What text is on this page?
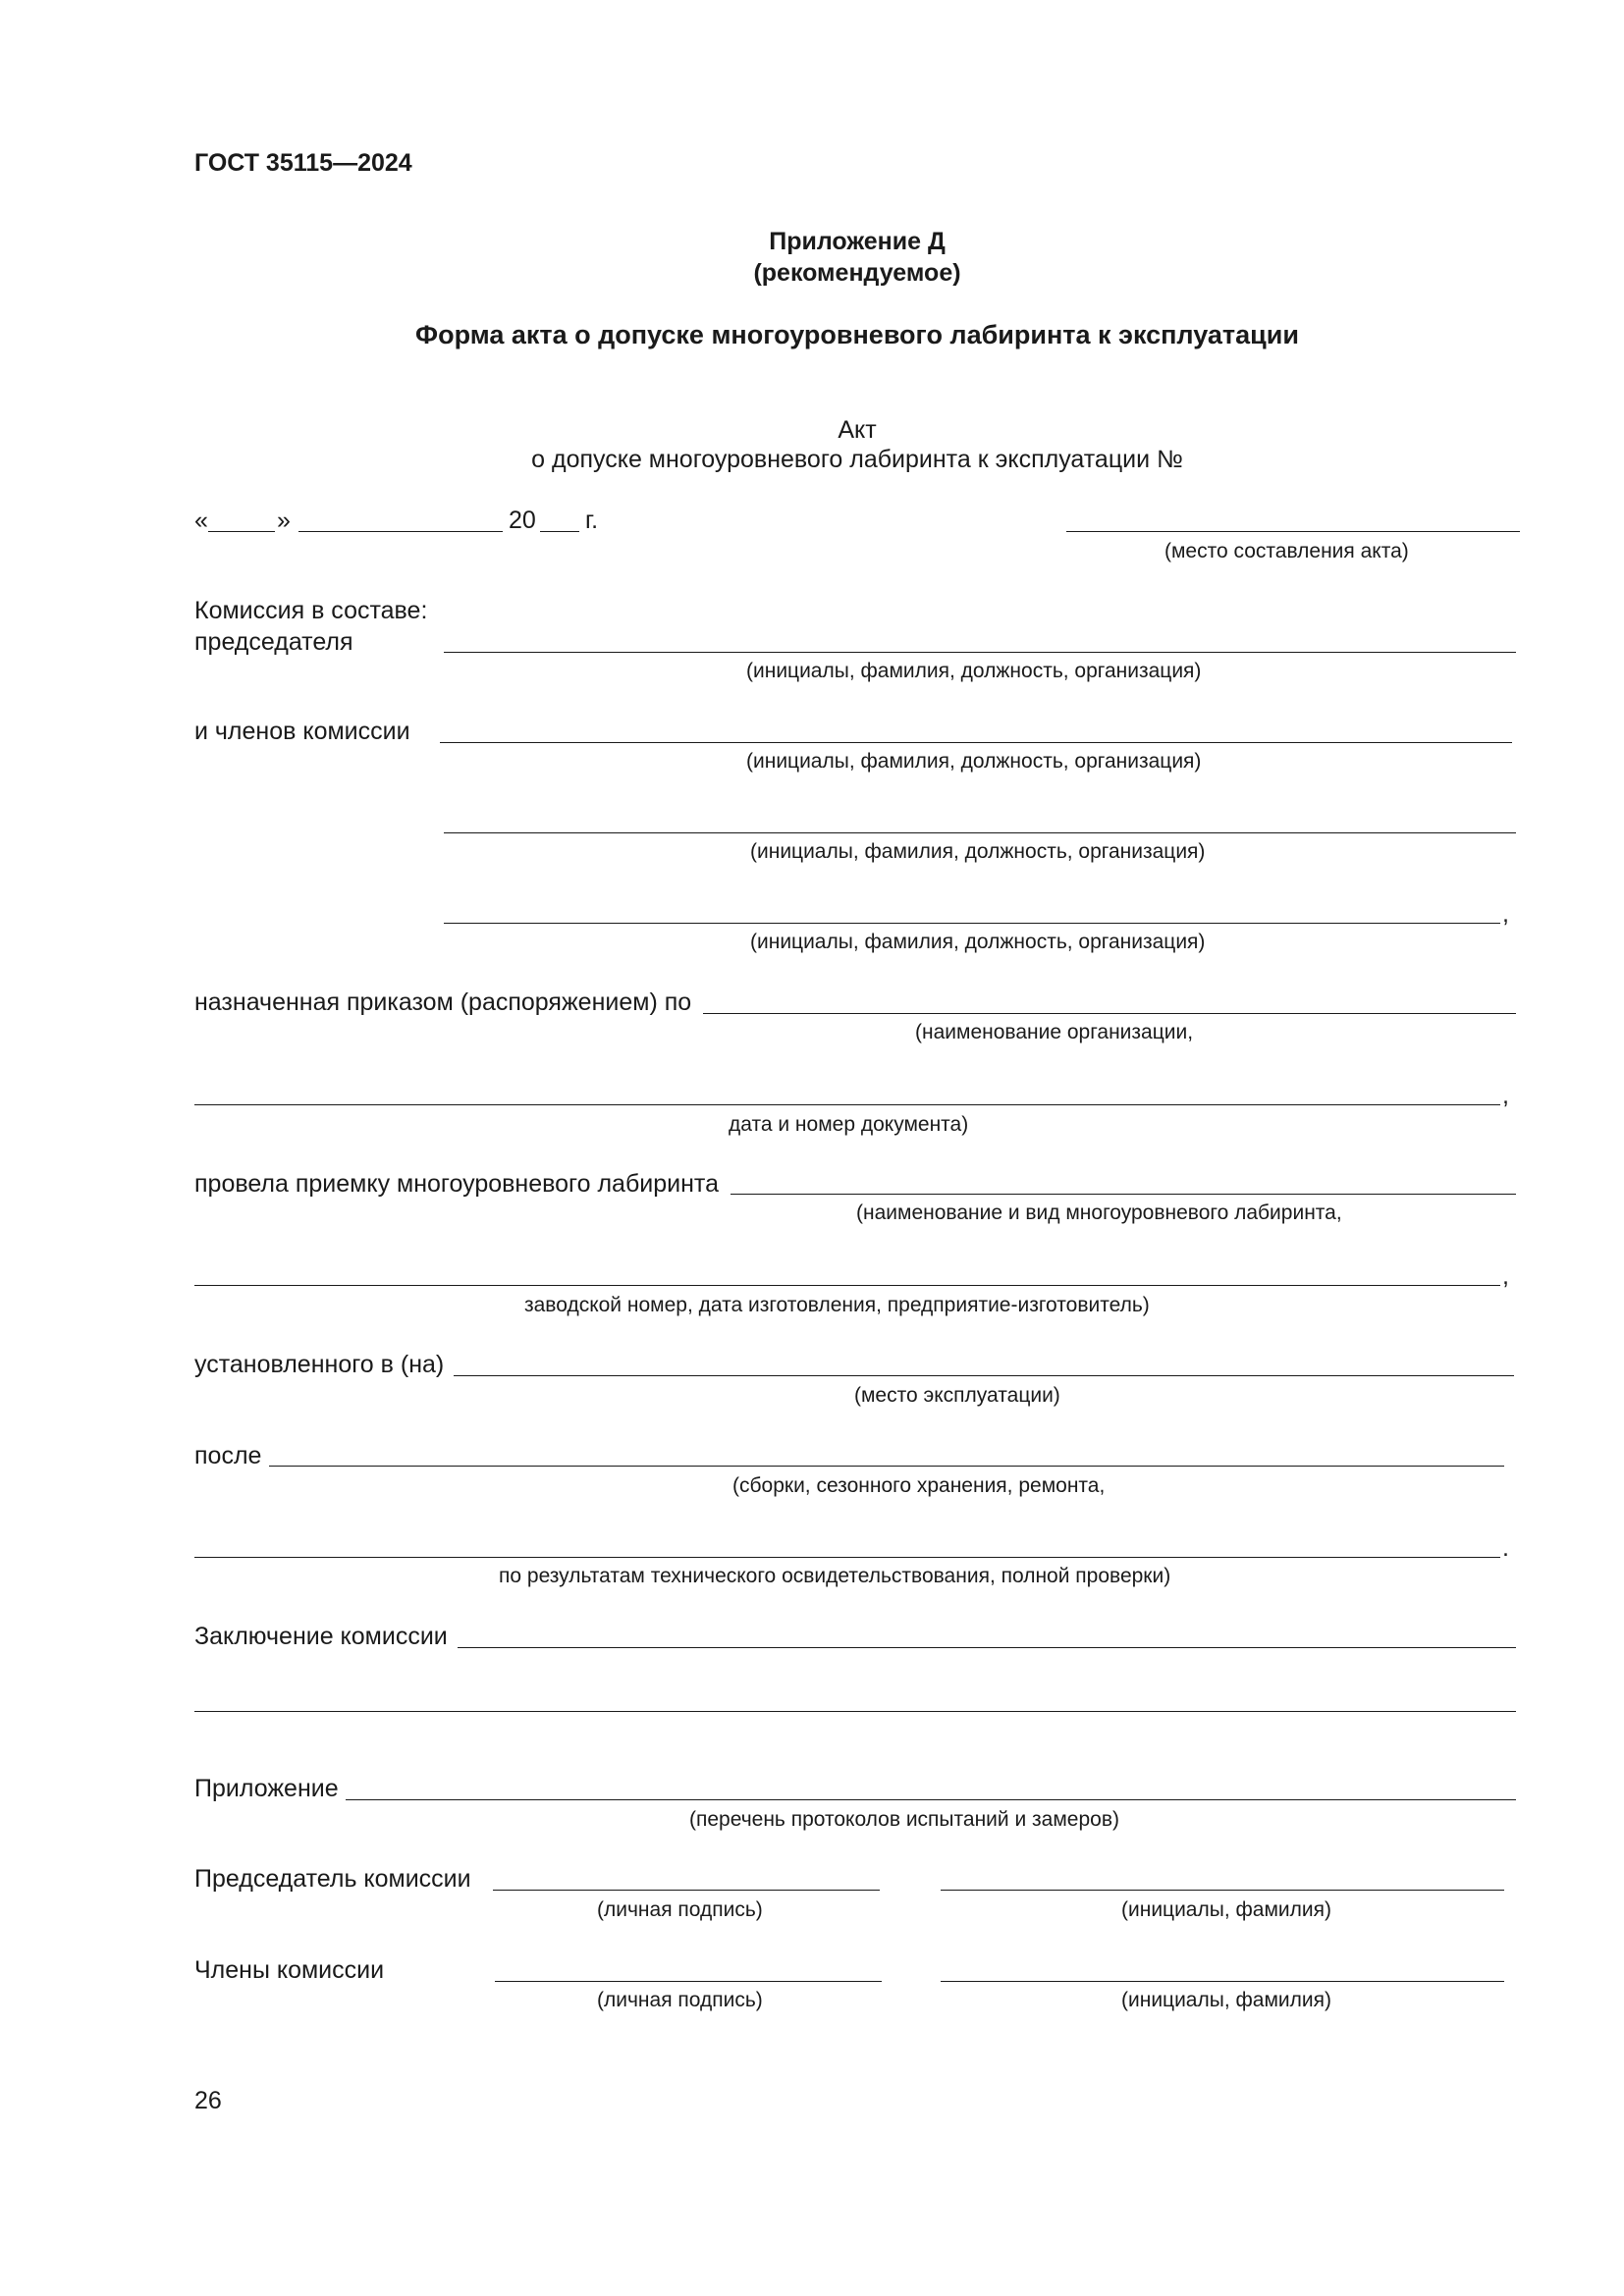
ГОСТ 35115—2024
Приложение Д
(рекомендуемое)
Форма акта о допуске многоуровневого лабиринта к эксплуатации
Акт
о допуске многоуровневого лабиринта к эксплуатации №
«	»	20 г.
(место составления акта)
Комиссия в составе:
председателя
(инициалы, фамилия, должность, организация)
и членов комиссии
(инициалы, фамилия, должность, организация)
(инициалы, фамилия, должность, организация)
,
(инициалы, фамилия, должность, организация)
назначенная приказом (распоряжением) по
(наименование организации,
,
дата и номер документа)
провела приемку многоуровневого лабиринта
(наименование и вид многоуровневого лабиринта,
,
заводской номер, дата изготовления, предприятие-изготовитель)
установленного в (на)
(место эксплуатации)
после
(сборки, сезонного хранения, ремонта,
.
по результатам технического освидетельствования, полной проверки)
Заключение комиссии
Приложение
(перечень протоколов испытаний и замеров)
Председатель комиссии
(личная подпись)	(инициалы, фамилия)
Члены комиссии
(личная подпись)	(инициалы, фамилия)
26
